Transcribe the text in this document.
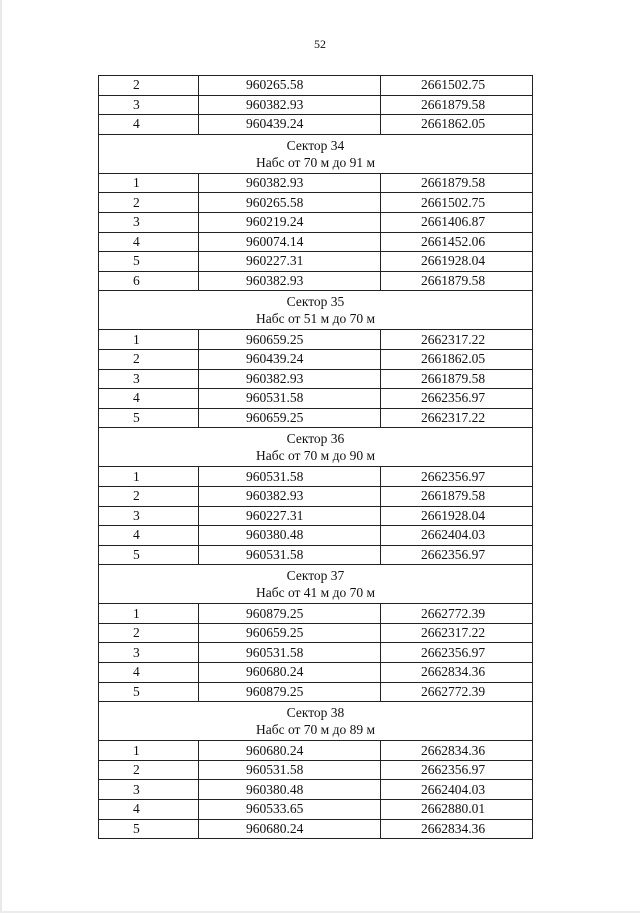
52
2	960265.58	2661502.75
3	960382.93	2661879.58
4	960439.24	2661862.05

Сектор 34
Набс от 70 м до 91 м		

1	960382.93	2661879.58
2	960265.58	2661502.75
3	960219.24	2661406.87
4	960074.14	2661452.06
5	960227.31	2661928.04
6	960382.93	2661879.58

Сектор 35
Набс от 51 м до 70 м		

1	960659.25	2662317.22
2	960439.24	2661862.05
3	960382.93	2661879.58
4	960531.58	2662356.97
5	960659.25	2662317.22

Сектор 36
Набс от 70 м до 90 м		

1	960531.58	2662356.97
2	960382.93	2661879.58
3	960227.31	2661928.04
4	960380.48	2662404.03
5	960531.58	2662356.97

Сектор 37
Набс от 41 м до 70 м		

1	960879.25	2662772.39
2	960659.25	2662317.22
3	960531.58	2662356.97
4	960680.24	2662834.36
5	960879.25	2662772.39

Сектор 38
Набс от 70 м до 89 м		

1	960680.24	2662834.36
2	960531.58	2662356.97
3	960380.48	2662404.03
4	960533.65	2662880.01
5	960680.24	2662834.36
